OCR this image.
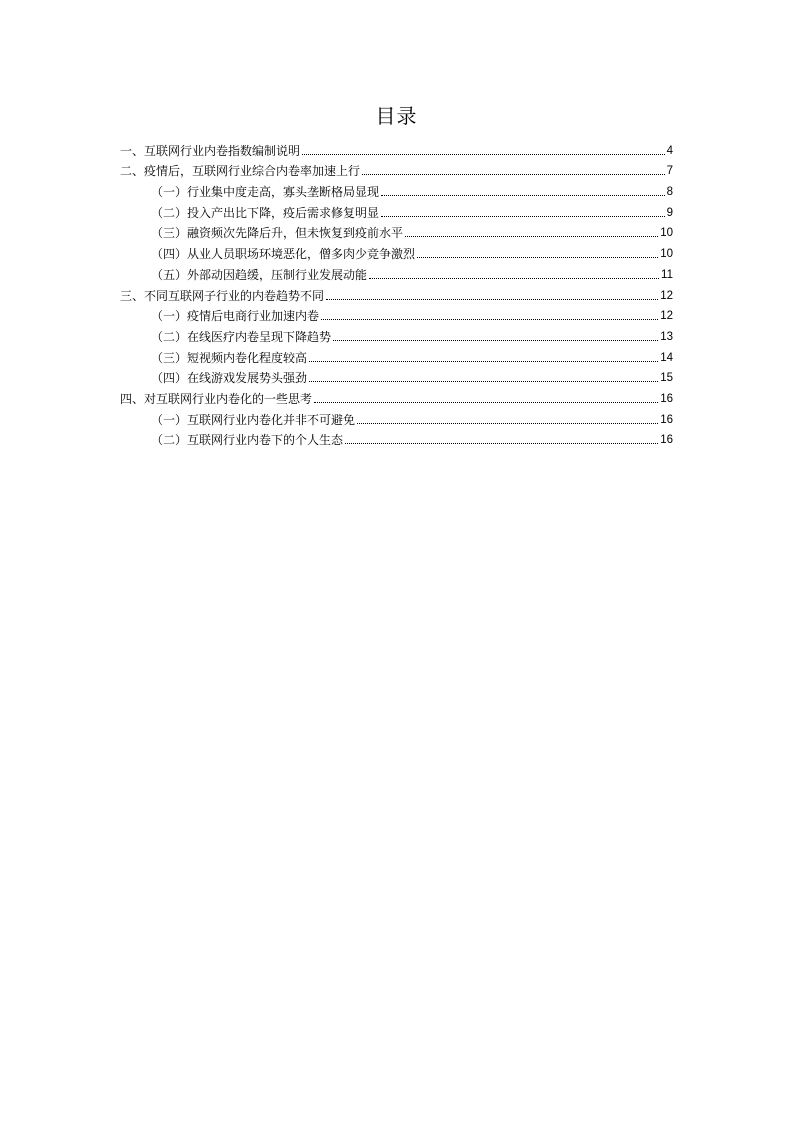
目录
一、互联网行业内卷指数编制说明	4
二、疫情后，互联网行业综合内卷率加速上行	7
（一）行业集中度走高，寡头垄断格局显现	8
（二）投入产出比下降，疫后需求修复明显	9
（三）融资频次先降后升，但未恢复到疫前水平	10
（四）从业人员职场环境恶化，僧多肉少竞争激烈	10
（五）外部动因趋缓，压制行业发展动能	11
三、不同互联网子行业的内卷趋势不同	12
（一）疫情后电商行业加速内卷	12
（二）在线医疗内卷呈现下降趋势	13
（三）短视频内卷化程度较高	14
（四）在线游戏发展势头强劲	15
四、对互联网行业内卷化的一些思考	16
（一）互联网行业内卷化并非不可避免	16
（二）互联网行业内卷下的个人生态	16
